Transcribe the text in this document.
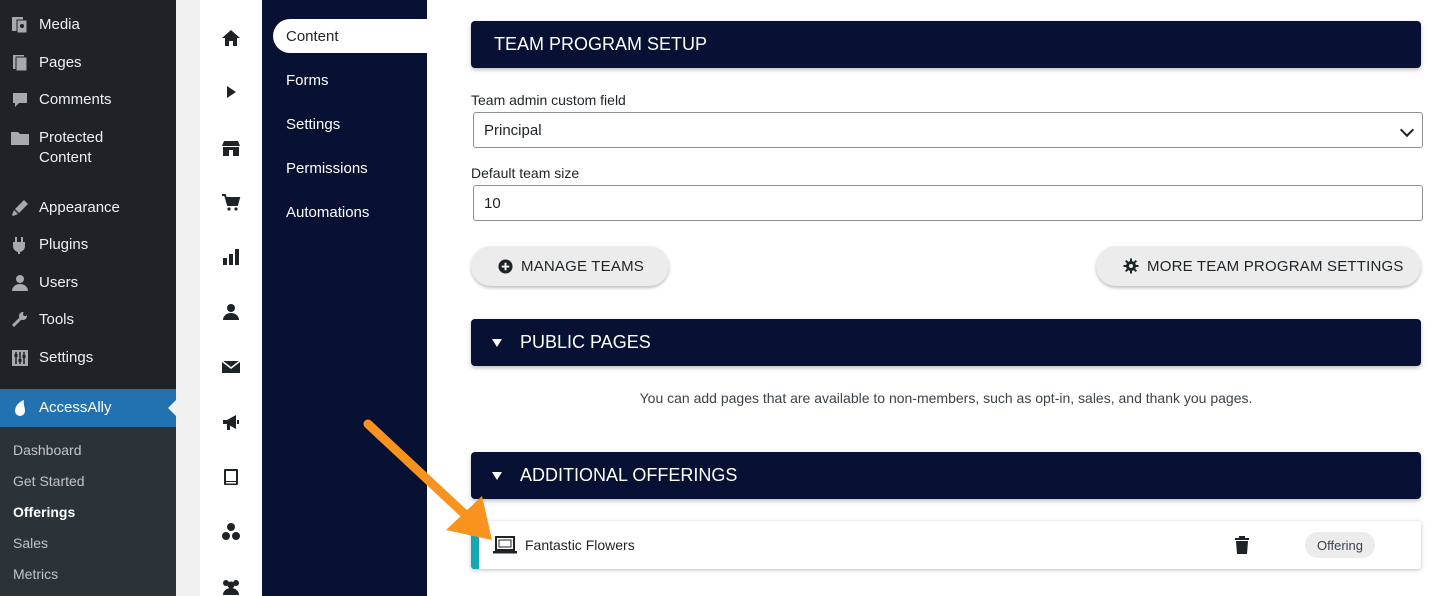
Media
Pages
Comments
Protected Content
Appearance
Plugins
Users
Tools
Settings
AccessAlly
Dashboard
Get Started
Offerings
Sales
Metrics
Content
Forms
Settings
Permissions
Automations
TEAM PROGRAM SETUP
Team admin custom field
Principal
Default team size
10
MANAGE TEAMS	MORE TEAM PROGRAM SETTINGS
PUBLIC PAGES
You can add pages that are available to non-members, such as opt-in, sales, and thank you pages.
ADDITIONAL OFFERINGS
Fantastic Flowers	Offering
